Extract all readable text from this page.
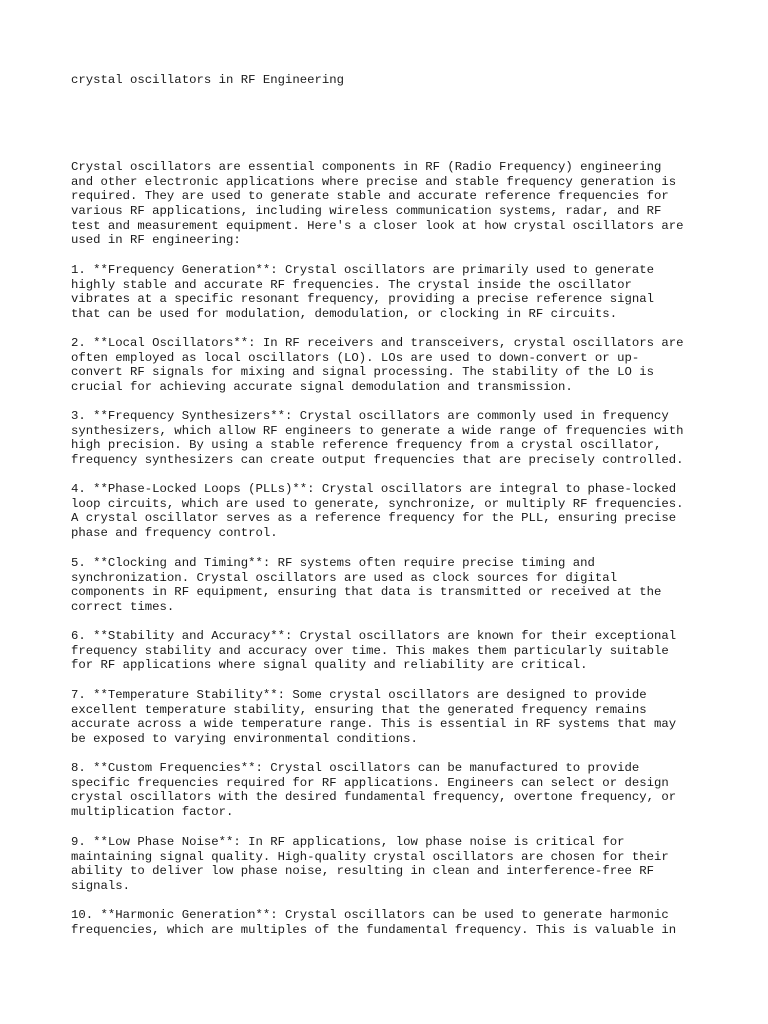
crystal oscillators in RF Engineering

Crystal oscillators are essential components in RF (Radio Frequency) engineering
and other electronic applications where precise and stable frequency generation is
required. They are used to generate stable and accurate reference frequencies for
various RF applications, including wireless communication systems, radar, and RF
test and measurement equipment. Here's a closer look at how crystal oscillators are
used in RF engineering:

1. **Frequency Generation**: Crystal oscillators are primarily used to generate
highly stable and accurate RF frequencies. The crystal inside the oscillator
vibrates at a specific resonant frequency, providing a precise reference signal
that can be used for modulation, demodulation, or clocking in RF circuits.

2. **Local Oscillators**: In RF receivers and transceivers, crystal oscillators are
often employed as local oscillators (LO). LOs are used to down-convert or up-
convert RF signals for mixing and signal processing. The stability of the LO is
crucial for achieving accurate signal demodulation and transmission.

3. **Frequency Synthesizers**: Crystal oscillators are commonly used in frequency
synthesizers, which allow RF engineers to generate a wide range of frequencies with
high precision. By using a stable reference frequency from a crystal oscillator,
frequency synthesizers can create output frequencies that are precisely controlled.

4. **Phase-Locked Loops (PLLs)**: Crystal oscillators are integral to phase-locked
loop circuits, which are used to generate, synchronize, or multiply RF frequencies.
A crystal oscillator serves as a reference frequency for the PLL, ensuring precise
phase and frequency control.

5. **Clocking and Timing**: RF systems often require precise timing and
synchronization. Crystal oscillators are used as clock sources for digital
components in RF equipment, ensuring that data is transmitted or received at the
correct times.

6. **Stability and Accuracy**: Crystal oscillators are known for their exceptional
frequency stability and accuracy over time. This makes them particularly suitable
for RF applications where signal quality and reliability are critical.

7. **Temperature Stability**: Some crystal oscillators are designed to provide
excellent temperature stability, ensuring that the generated frequency remains
accurate across a wide temperature range. This is essential in RF systems that may
be exposed to varying environmental conditions.

8. **Custom Frequencies**: Crystal oscillators can be manufactured to provide
specific frequencies required for RF applications. Engineers can select or design
crystal oscillators with the desired fundamental frequency, overtone frequency, or
multiplication factor.

9. **Low Phase Noise**: In RF applications, low phase noise is critical for
maintaining signal quality. High-quality crystal oscillators are chosen for their
ability to deliver low phase noise, resulting in clean and interference-free RF
signals.

10. **Harmonic Generation**: Crystal oscillators can be used to generate harmonic
frequencies, which are multiples of the fundamental frequency. This is valuable in
